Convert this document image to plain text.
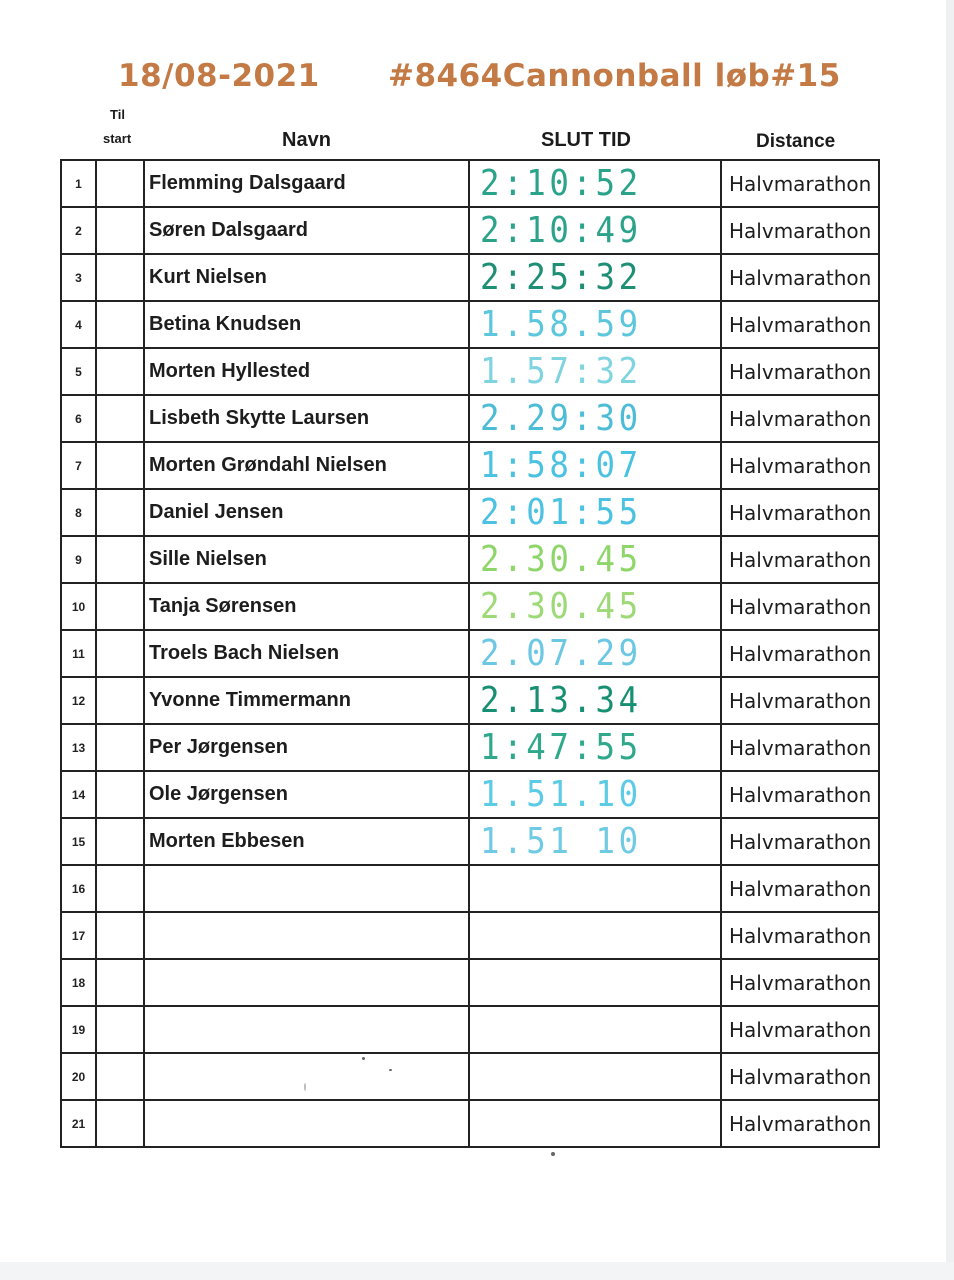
18/08-2021 #8464Cannonball løb#15
Til
start	Navn	SLUT TID	Distance
1		Flemming Dalsgaard	2:10:52	Halvmarathon
2		Søren Dalsgaard	2:10:49	Halvmarathon
3		Kurt Nielsen	2:25:32	Halvmarathon
4		Betina Knudsen	1.58.59	Halvmarathon
5		Morten Hyllested	1.57:32	Halvmarathon
6		Lisbeth Skytte Laursen	2.29:30	Halvmarathon
7		Morten Grøndahl Nielsen	1:58:07	Halvmarathon
8		Daniel Jensen	2:01:55	Halvmarathon
9		Sille Nielsen	2.30.45	Halvmarathon
10		Tanja Sørensen	2.30.45	Halvmarathon
11		Troels Bach Nielsen	2.07.29	Halvmarathon
12		Yvonne Timmermann	2.13.34	Halvmarathon
13		Per Jørgensen	1:47:55	Halvmarathon
14		Ole Jørgensen	1.51.10	Halvmarathon
15		Morten Ebbesen	1.51 10	Halvmarathon
16				Halvmarathon
17				Halvmarathon
18				Halvmarathon
19				Halvmarathon
20				Halvmarathon
21				Halvmarathon
